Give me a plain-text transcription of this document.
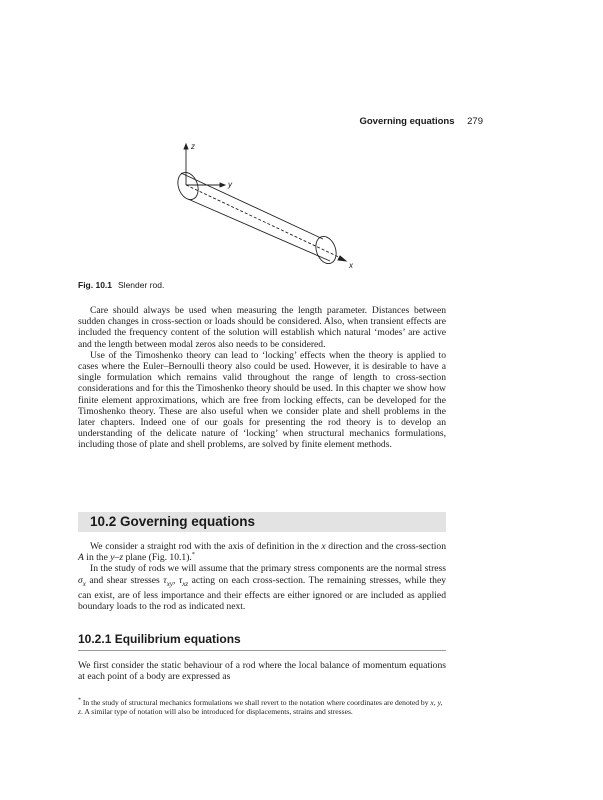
Governing equations 279
z
y
x
Fig. 10.1 Slender rod.

Care should always be used when measuring the length parameter. Distances between sudden changes in cross-section or loads should be considered. Also, when transient effects are included the frequency content of the solution will establish which natural ‘modes’ are active and the length between modal zeros also needs to be considered.

Use of the Timoshenko theory can lead to ‘locking’ effects when the theory is applied to cases where the Euler–Bernoulli theory also could be used. However, it is desirable to have a single formulation which remains valid throughout the range of length to cross-section considerations and for this the Timoshenko theory should be used. In this chapter we show how finite element approximations, which are free from locking effects, can be developed for the Timoshenko theory. These are also useful when we consider plate and shell problems in the later chapters. Indeed one of our goals for presenting the rod theory is to develop an understanding of the delicate nature of ‘locking’ when structural mechanics formulations, including those of plate and shell problems, are solved by finite element methods.

10.2 Governing equations

We consider a straight rod with the axis of definition in the x direction and the cross-section A in the y–z plane (Fig. 10.1).*

In the study of rods we will assume that the primary stress components are the normal stress $\sigma_x$ and shear stresses $\tau_{xy}$, $\tau_{xz}$ acting on each cross-section. The remaining stresses, while they can exist, are of less importance and their effects are either ignored or are included as applied boundary loads to the rod as indicated next.

10.2.1 Equilibrium equations

We first consider the static behaviour of a rod where the local balance of momentum equations at each point of a body are expressed as

* In the study of structural mechanics formulations we shall revert to the notation where coordinates are denoted by x, y, z. A similar type of notation will also be introduced for displacements, strains and stresses.
